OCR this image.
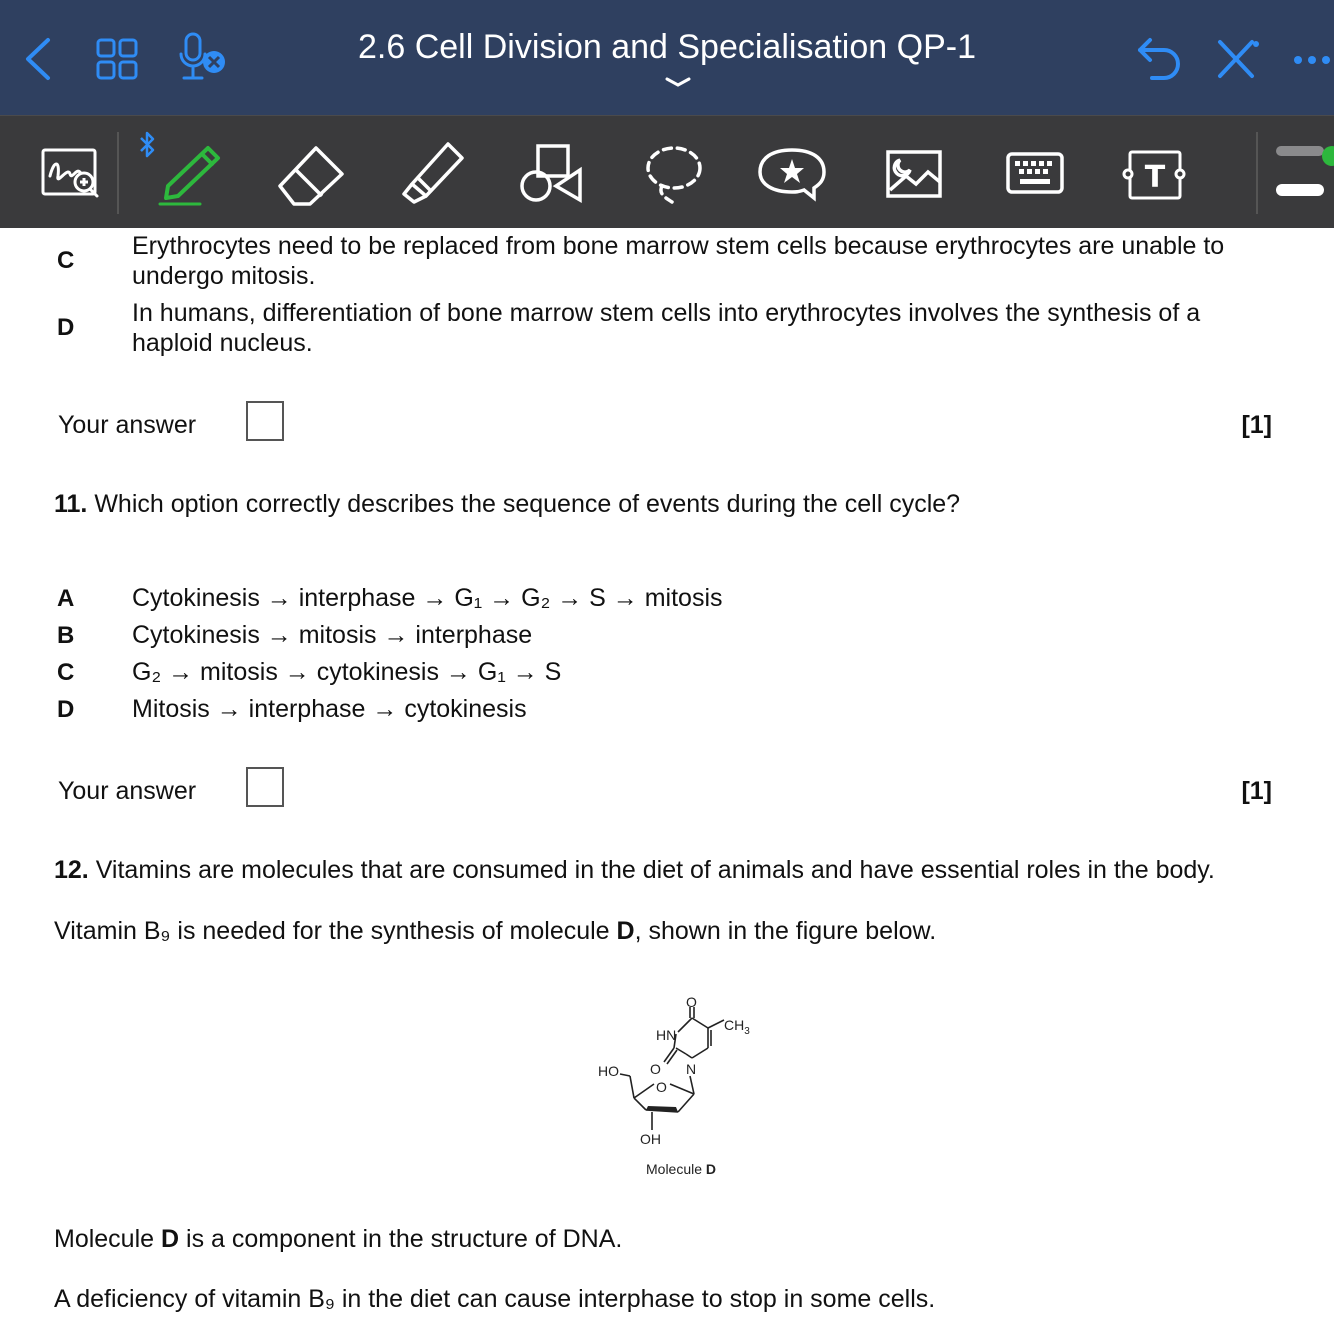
2.6 Cell Division and Specialisation QP-1
T
C
Erythrocytes need to be replaced from bone marrow stem cells because erythrocytes are unable to
undergo mitosis.
D
In humans, differentiation of bone marrow stem cells into erythrocytes involves the synthesis of a
haploid nucleus.
Your answer	[1]
11. Which option correctly describes the sequence of events during the cell cycle?
A Cytokinesis → interphase → G₁ → G₂ → S → mitosis
B Cytokinesis → mitosis → interphase
C G₂ → mitosis → cytokinesis → G₁ → S
D Mitosis → interphase → cytokinesis
Your answer	[1]
12. Vitamins are molecules that are consumed in the diet of animals and have essential roles in the body.
Vitamin B₉ is needed for the synthesis of molecule D, shown in the figure below.
O
HN
$CH_3$
HO O N
O
OH
Molecule D
Molecule D is a component in the structure of DNA.
A deficiency of vitamin B₉ in the diet can cause interphase to stop in some cells.
